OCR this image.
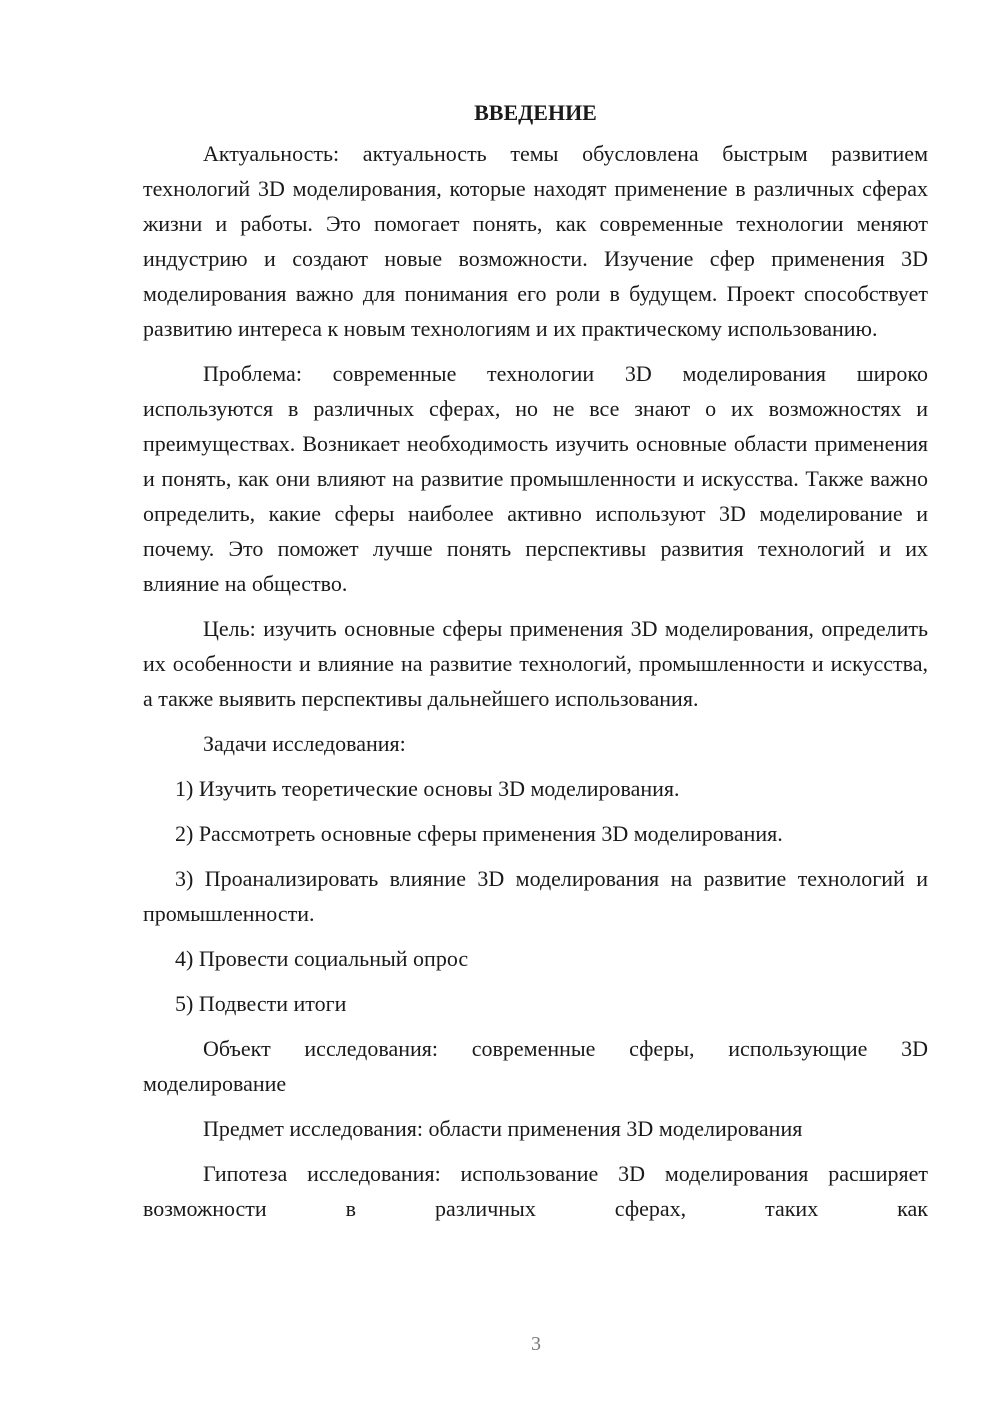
ВВЕДЕНИЕ

Актуальность: актуальность темы обусловлена быстрым развитием технологий 3D моделирования, которые находят применение в различных сферах жизни и работы. Это помогает понять, как современные технологии меняют индустрию и создают новые возможности. Изучение сфер применения 3D моделирования важно для понимания его роли в будущем. Проект способствует развитию интереса к новым технологиям и их практическому использованию.

Проблема: современные технологии 3D моделирования широко используются в различных сферах, но не все знают о их возможностях и преимуществах. Возникает необходимость изучить основные области применения и понять, как они влияют на развитие промышленности и искусства. Также важно определить, какие сферы наиболее активно используют 3D моделирование и почему. Это поможет лучше понять перспективы развития технологий и их влияние на общество.

Цель: изучить основные сферы применения 3D моделирования, определить их особенности и влияние на развитие технологий, промышленности и искусства, а также выявить перспективы дальнейшего использования.

Задачи исследования:

1) Изучить теоретические основы 3D моделирования.

2) Рассмотреть основные сферы применения 3D моделирования.

3) Проанализировать влияние 3D моделирования на развитие технологий и промышленности.

4) Провести социальный опрос

5) Подвести итоги

Объект исследования: современные сферы, использующие 3D моделирование

Предмет исследования: области применения 3D моделирования

Гипотеза исследования: использование 3D моделирования расширяет возможности в различных сферах, таких как

3
